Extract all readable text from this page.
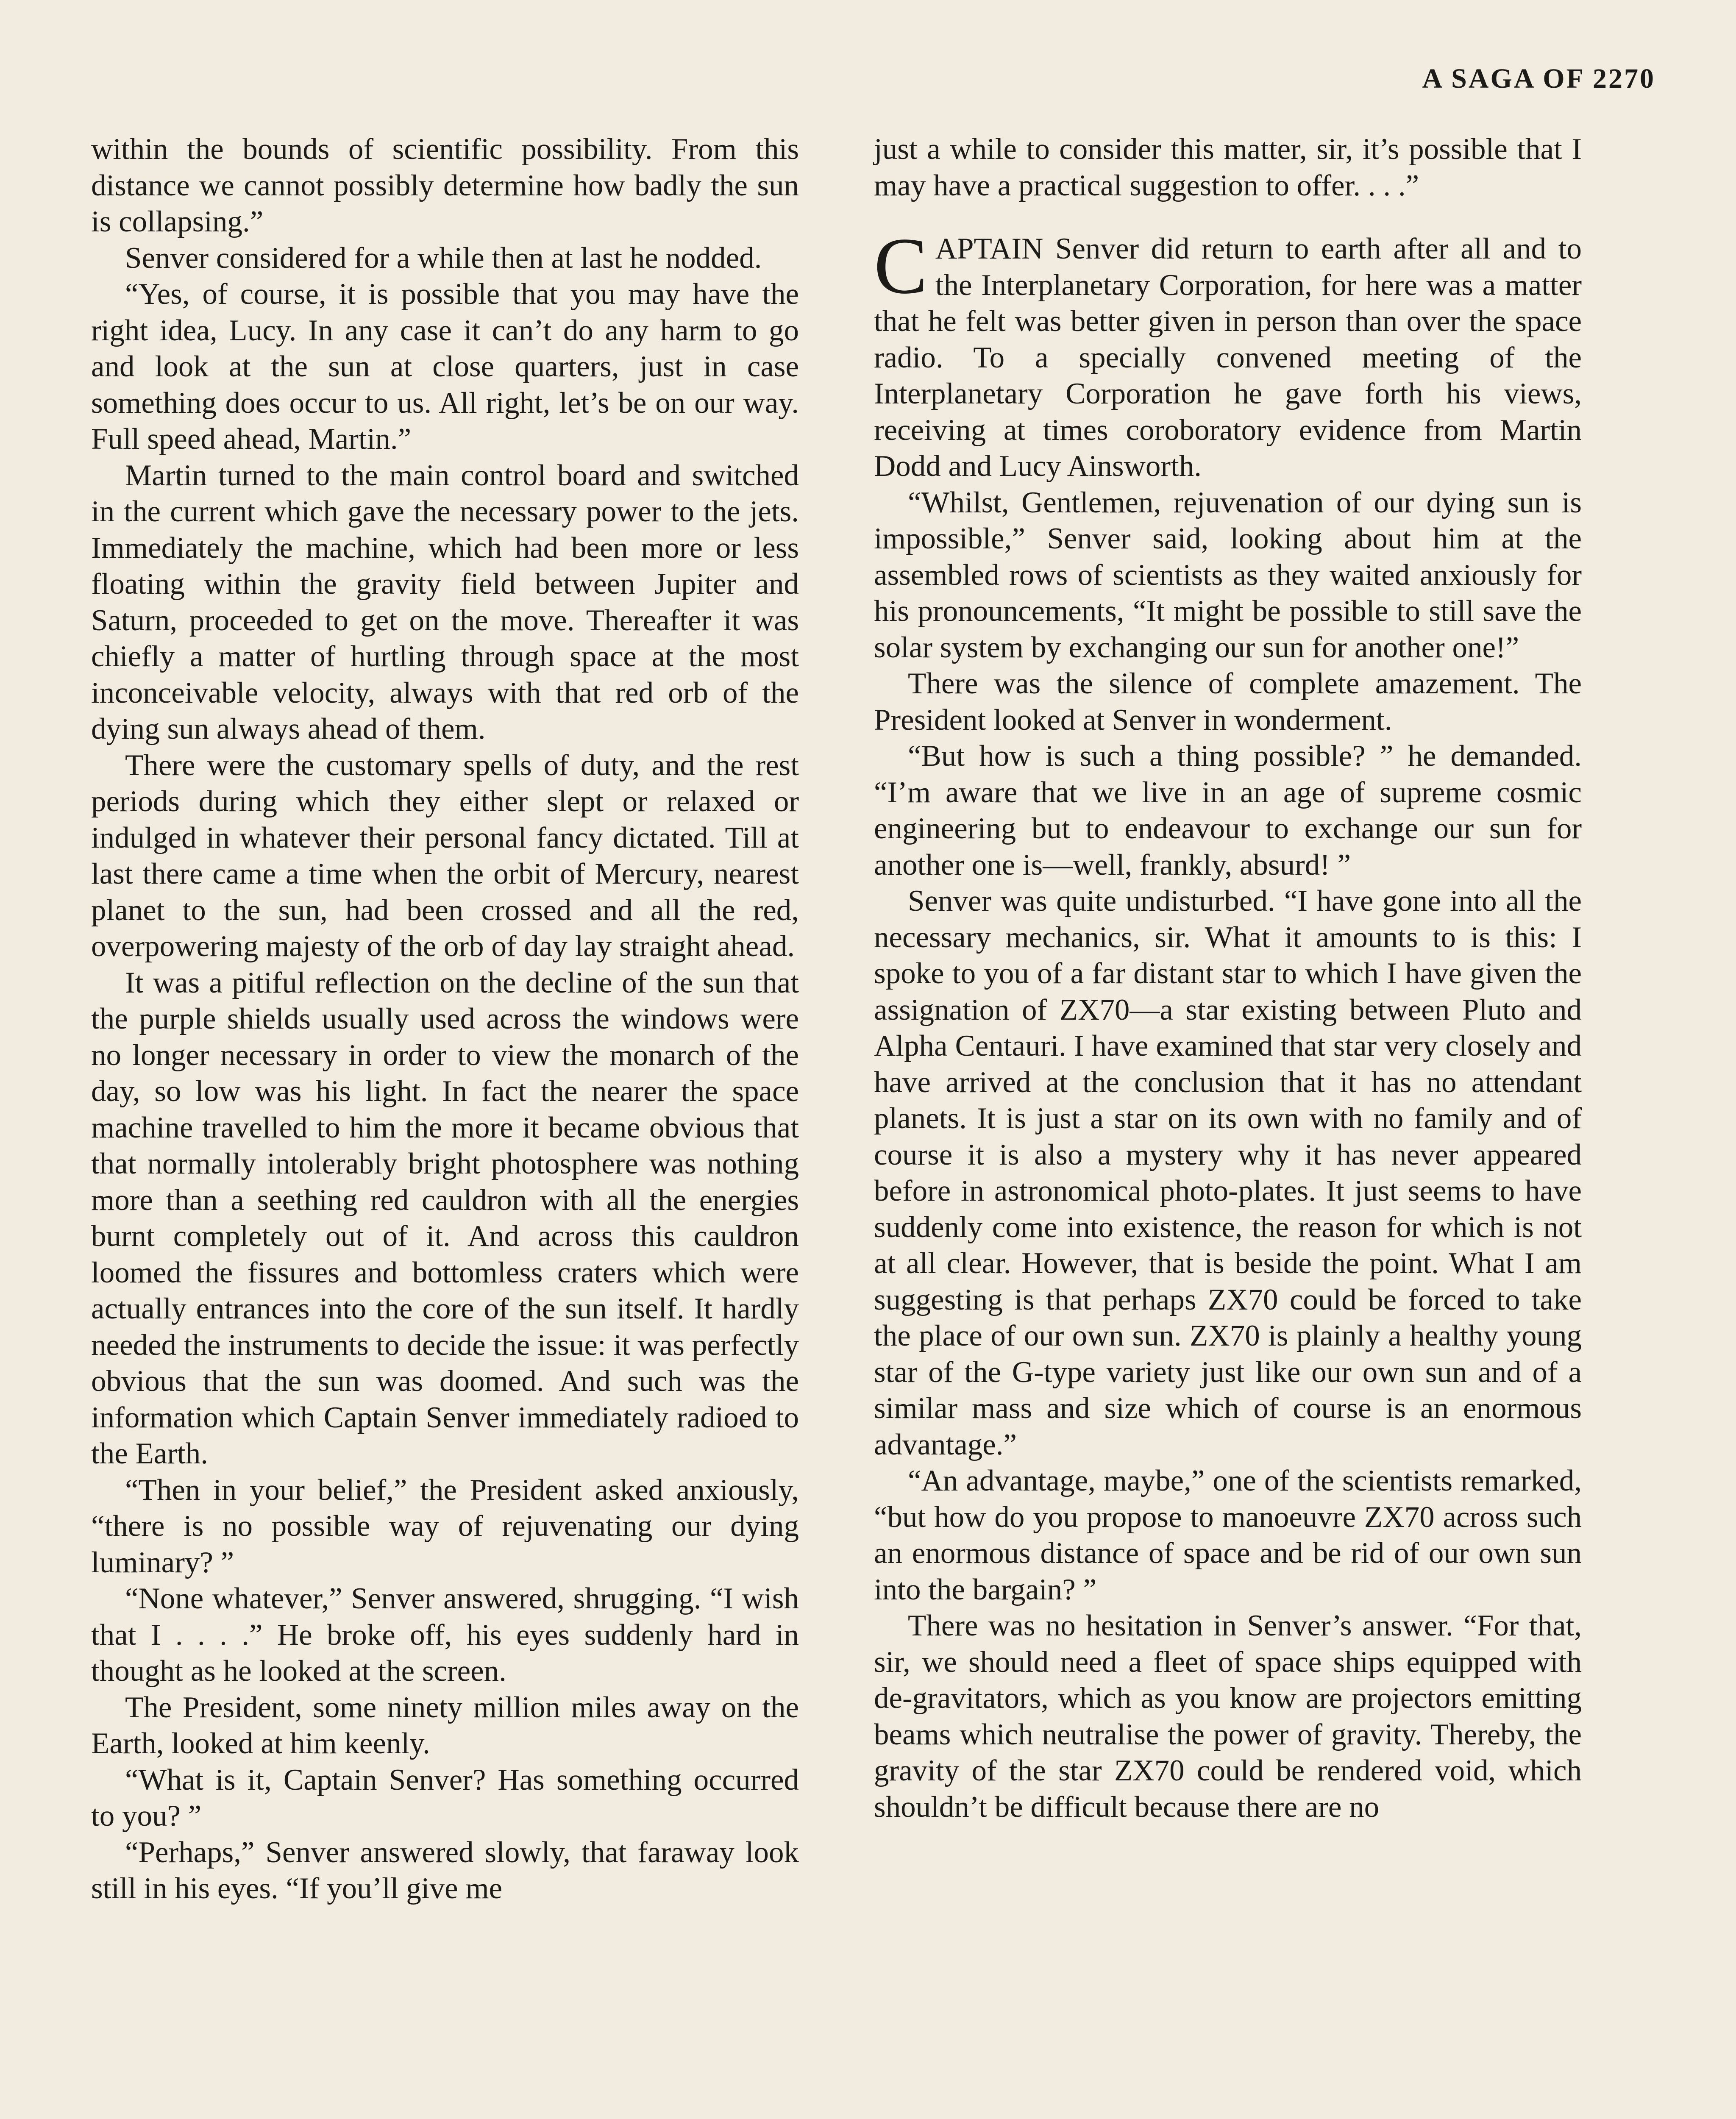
A SAGA OF 2270

within the bounds of scientific possibility. From this distance we cannot possibly determine how badly the sun is collapsing.”

Senver considered for a while then at last he nodded.

“Yes, of course, it is possible that you may have the right idea, Lucy. In any case it can’t do any harm to go and look at the sun at close quarters, just in case something does occur to us. All right, let’s be on our way. Full speed ahead, Martin.”

Martin turned to the main control board and switched in the current which gave the necessary power to the jets. Immediately the machine, which had been more or less floating within the gravity field between Jupiter and Saturn, proceeded to get on the move. Thereafter it was chiefly a matter of hurtling through space at the most inconceivable velocity, always with that red orb of the dying sun always ahead of them.

There were the customary spells of duty, and the rest periods during which they either slept or relaxed or indulged in whatever their personal fancy dictated. Till at last there came a time when the orbit of Mercury, nearest planet to the sun, had been crossed and all the red, overpowering majesty of the orb of day lay straight ahead.

It was a pitiful reflection on the decline of the sun that the purple shields usually used across the windows were no longer necessary in order to view the monarch of the day, so low was his light. In fact the nearer the space machine travelled to him the more it became obvious that that normally intolerably bright photosphere was nothing more than a seething red cauldron with all the energies burnt completely out of it. And across this cauldron loomed the fissures and bottomless craters which were actually entrances into the core of the sun itself. It hardly needed the instruments to decide the issue: it was perfectly obvious that the sun was doomed. And such was the information which Captain Senver immediately radioed to the Earth.

“Then in your belief,” the President asked anxiously, “there is no possible way of rejuvenating our dying luminary? ”

“None whatever,” Senver answered, shrugging. “I wish that I . . . .” He broke off, his eyes suddenly hard in thought as he looked at the screen.

The President, some ninety million miles away on the Earth, looked at him keenly.

“What is it, Captain Senver? Has something occurred to you? ”

“Perhaps,” Senver answered slowly, that faraway look still in his eyes. “If you’ll give me

just a while to consider this matter, sir, it’s possible that I may have a practical suggestion to offer. . . .”

CAPTAIN Senver did return to earth after all and to the Interplanetary Corporation, for here was a matter that he felt was better given in person than over the space radio. To a specially convened meeting of the Interplanetary Corporation he gave forth his views, receiving at times coroboratory evidence from Martin Dodd and Lucy Ainsworth.

“Whilst, Gentlemen, rejuvenation of our dying sun is impossible,” Senver said, looking about him at the assembled rows of scientists as they waited anxiously for his pronouncements, “It might be possible to still save the solar system by exchanging our sun for another one!”

There was the silence of complete amazement. The President looked at Senver in wonderment.

“But how is such a thing possible? ” he demanded. “I’m aware that we live in an age of supreme cosmic engineering but to endeavour to exchange our sun for another one is—well, frankly, absurd! ”

Senver was quite undisturbed. “I have gone into all the necessary mechanics, sir. What it amounts to is this: I spoke to you of a far distant star to which I have given the assignation of ZX70—a star existing between Pluto and Alpha Centauri. I have examined that star very closely and have arrived at the conclusion that it has no attendant planets. It is just a star on its own with no family and of course it is also a mystery why it has never appeared before in astronomical photo-plates. It just seems to have suddenly come into existence, the reason for which is not at all clear. However, that is beside the point. What I am suggesting is that perhaps ZX70 could be forced to take the place of our own sun. ZX70 is plainly a healthy young star of the G-type variety just like our own sun and of a similar mass and size which of course is an enormous advantage.”

“An advantage, maybe,” one of the scientists remarked, “but how do you propose to manoeuvre ZX70 across such an enormous distance of space and be rid of our own sun into the bargain? ”

There was no hesitation in Senver’s answer. “For that, sir, we should need a fleet of space ships equipped with de-gravitators, which as you know are projectors emitting beams which neutralise the power of gravity. Thereby, the gravity of the star ZX70 could be rendered void, which shouldn’t be difficult because there are no
